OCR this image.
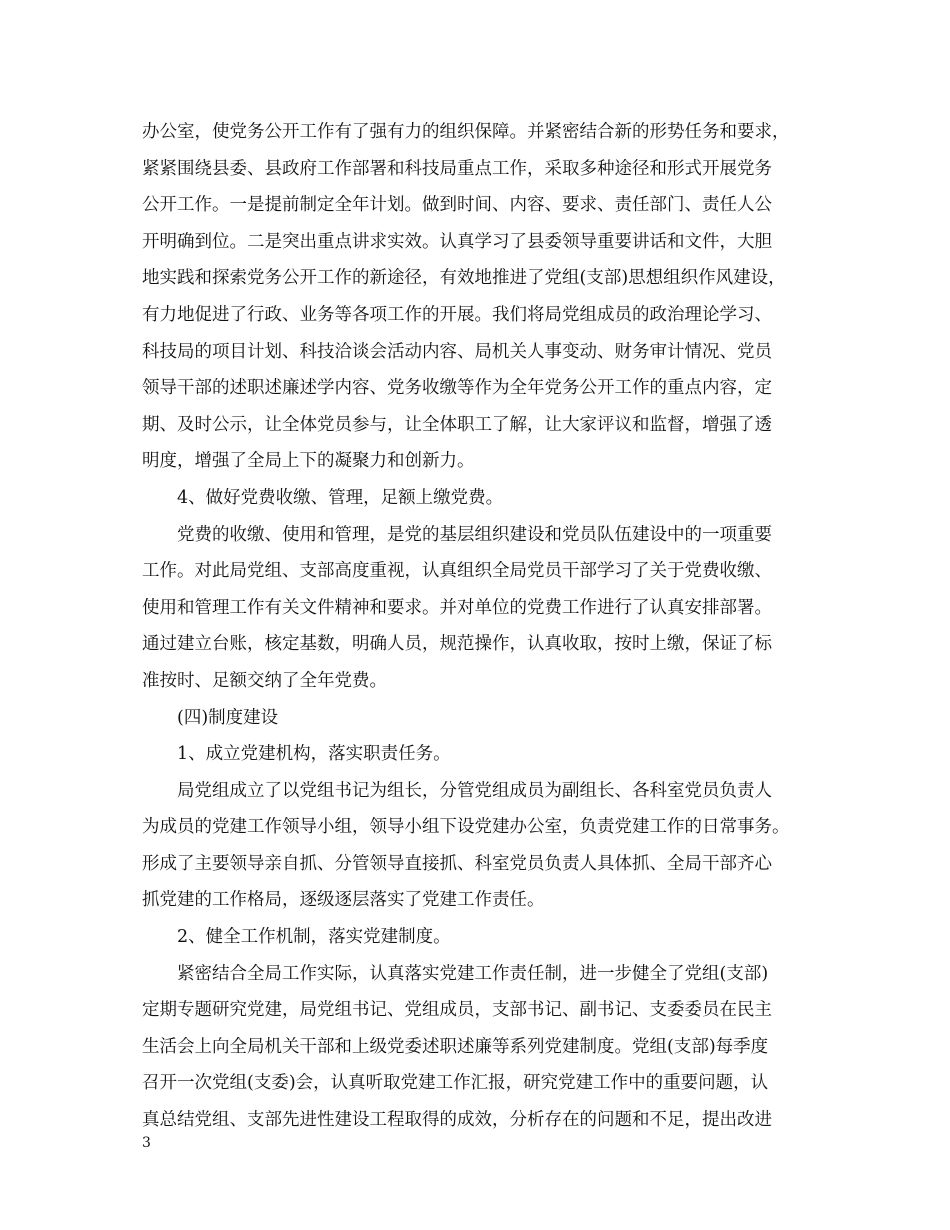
办公室，使党务公开工作有了强有力的组织保障。并紧密结合新的形势任务和要求，
紧紧围绕县委、县政府工作部署和科技局重点工作，采取多种途径和形式开展党务
公开工作。一是提前制定全年计划。做到时间、内容、要求、责任部门、责任人公
开明确到位。二是突出重点讲求实效。认真学习了县委领导重要讲话和文件，大胆
地实践和探索党务公开工作的新途径，有效地推进了党组(支部)思想组织作风建设，
有力地促进了行政、业务等各项工作的开展。我们将局党组成员的政治理论学习、
科技局的项目计划、科技洽谈会活动内容、局机关人事变动、财务审计情况、党员
领导干部的述职述廉述学内容、党务收缴等作为全年党务公开工作的重点内容，定
期、及时公示，让全体党员参与，让全体职工了解，让大家评议和监督，增强了透
明度，增强了全局上下的凝聚力和创新力。
4、做好党费收缴、管理，足额上缴党费。
党费的收缴、使用和管理，是党的基层组织建设和党员队伍建设中的一项重要
工作。对此局党组、支部高度重视，认真组织全局党员干部学习了关于党费收缴、
使用和管理工作有关文件精神和要求。并对单位的党费工作进行了认真安排部署。
通过建立台账，核定基数，明确人员，规范操作，认真收取，按时上缴，保证了标
准按时、足额交纳了全年党费。
(四)制度建设
1、成立党建机构，落实职责任务。
局党组成立了以党组书记为组长，分管党组成员为副组长、各科室党员负责人
为成员的党建工作领导小组，领导小组下设党建办公室，负责党建工作的日常事务。
形成了主要领导亲自抓、分管领导直接抓、科室党员负责人具体抓、全局干部齐心
抓党建的工作格局，逐级逐层落实了党建工作责任。
2、健全工作机制，落实党建制度。
紧密结合全局工作实际，认真落实党建工作责任制，进一步健全了党组(支部)
定期专题研究党建，局党组书记、党组成员，支部书记、副书记、支委委员在民主
生活会上向全局机关干部和上级党委述职述廉等系列党建制度。党组(支部)每季度
召开一次党组(支委)会，认真听取党建工作汇报，研究党建工作中的重要问题，认
真总结党组、支部先进性建设工程取得的成效，分析存在的问题和不足，提出改进
3
